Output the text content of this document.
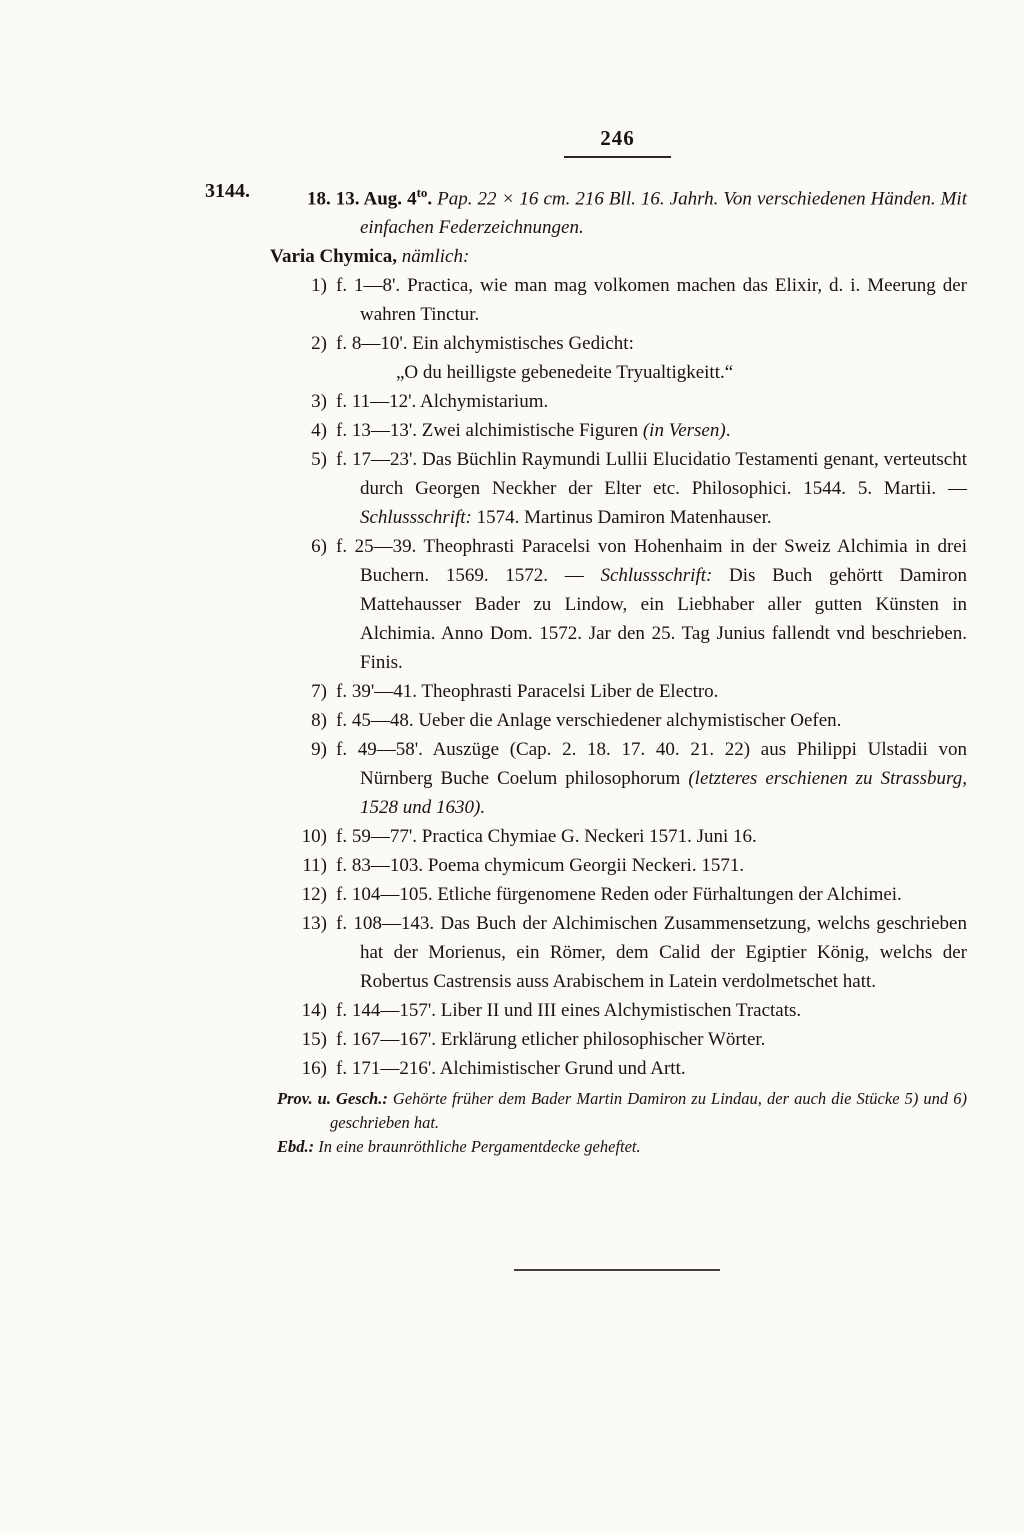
246
3144.	18. 13. Aug. $4^{to}$. Pap. 22 × 16 cm. 216 Bll. 16. Jahrh. Von verschiedenen Händen. Mit einfachen Federzeichnungen.
Varia Chymica, nämlich:
1) f. 1—8'. Practica, wie man mag volkomen machen das Elixir, d. i. Meerung der wahren Tinctur.
2) f. 8—10'. Ein alchymistisches Gedicht:
„O du heilligste gebenedeite Tryualtigkeitt.“
3) f. 11—12'. Alchymistarium.
4) f. 13—13'. Zwei alchimistische Figuren (in Versen).
5) f. 17—23'. Das Büchlin Raymundi Lullii Elucidatio Testamenti genant, verteutscht durch Georgen Neckher der Elter etc. Philosophici. 1544. 5. Martii. — Schlussschrift: 1574. Martinus Damiron Matenhauser.
6) f. 25—39. Theophrasti Paracelsi von Hohenhaim in der Sweiz Alchimia in drei Buchern. 1569. 1572. — Schlussschrift: Dis Buch gehörtt Damiron Mattehausser Bader zu Lindow, ein Liebhaber aller gutten Künsten in Alchimia. Anno Dom. 1572. Jar den 25. Tag Junius fallendt vnd beschrieben. Finis.
7) f. 39'—41. Theophrasti Paracelsi Liber de Electro.
8) f. 45—48. Ueber die Anlage verschiedener alchymistischer Oefen.
9) f. 49—58'. Auszüge (Cap. 2. 18. 17. 40. 21. 22) aus Philippi Ulstadii von Nürnberg Buche Coelum philosophorum (letzteres erschienen zu Strassburg, 1528 und 1630).
10) f. 59—77'. Practica Chymiae G. Neckeri 1571. Juni 16.
11) f. 83—103. Poema chymicum Georgii Neckeri. 1571.
12) f. 104—105. Etliche fürgenomene Reden oder Fürhaltungen der Alchimei.
13) f. 108—143. Das Buch der Alchimischen Zusammensetzung, welchs geschrieben hat der Morienus, ein Römer, dem Calid der Egiptier König, welchs der Robertus Castrensis auss Arabischem in Latein verdolmetschet hatt.
14) f. 144—157'. Liber II und III eines Alchymistischen Tractats.
15) f. 167—167'. Erklärung etlicher philosophischer Wörter.
16) f. 171—216'. Alchimistischer Grund und Artt.
Prov. u. Gesch.: Gehörte früher dem Bader Martin Damiron zu Lindau, der auch die Stücke 5) und 6) geschrieben hat.
Ebd.: In eine braunröthliche Pergamentdecke geheftet.
